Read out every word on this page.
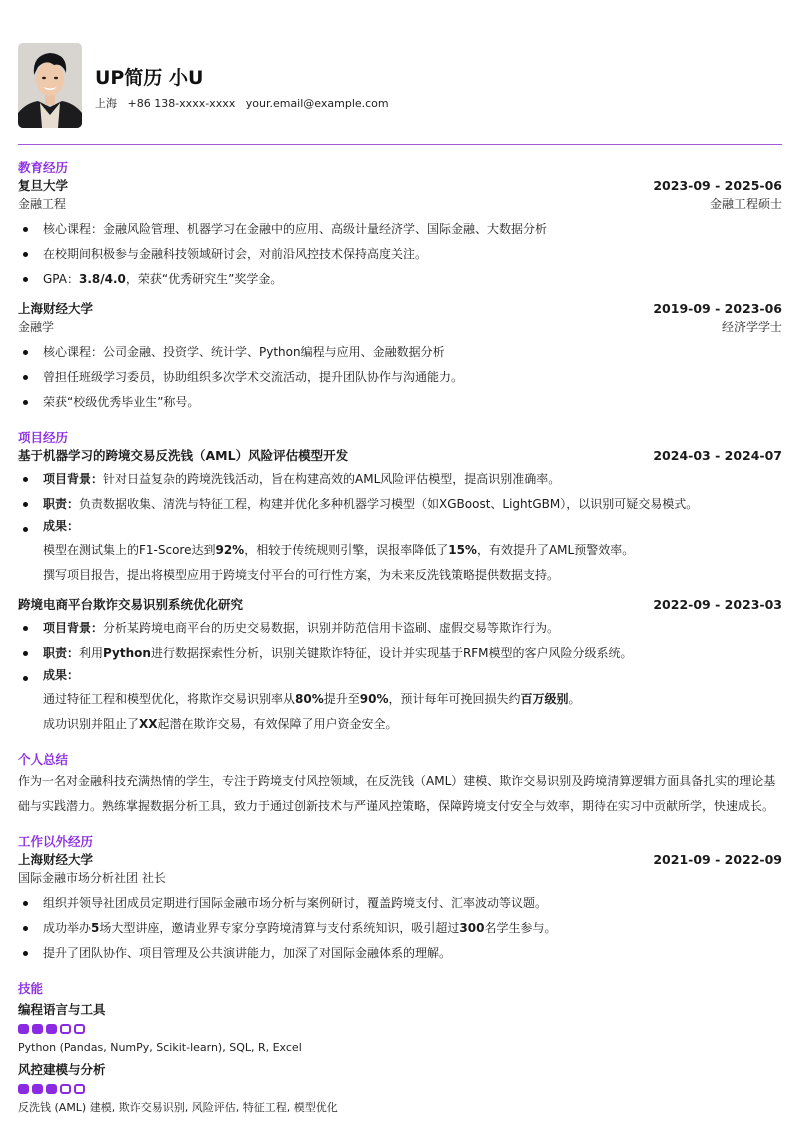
UP简历 小U
上海 +86 138-xxxx-xxxx your.email@example.com
教育经历
复旦大学	2023-09 - 2025-06
金融工程	金融工程硕士
核心课程：金融风险管理、机器学习在金融中的应用、高级计量经济学、国际金融、大数据分析
在校期间积极参与金融科技领域研讨会，对前沿风控技术保持高度关注。
GPA：3.8/4.0，荣获“优秀研究生”奖学金。
上海财经大学	2019-09 - 2023-06
金融学	经济学学士
核心课程：公司金融、投资学、统计学、Python编程与应用、金融数据分析
曾担任班级学习委员，协助组织多次学术交流活动，提升团队协作与沟通能力。
荣获“校级优秀毕业生”称号。
项目经历
基于机器学习的跨境交易反洗钱（AML）风险评估模型开发	2024-03 - 2024-07
项目背景：针对日益复杂的跨境洗钱活动，旨在构建高效的AML风险评估模型，提高识别准确率。
职责：负责数据收集、清洗与特征工程，构建并优化多种机器学习模型（如XGBoost、LightGBM），以识别可疑交易模式。
成果：
模型在测试集上的F1-Score达到92%，相较于传统规则引擎，误报率降低了15%，有效提升了AML预警效率。
撰写项目报告，提出将模型应用于跨境支付平台的可行性方案，为未来反洗钱策略提供数据支持。
跨境电商平台欺诈交易识别系统优化研究	2022-09 - 2023-03
项目背景：分析某跨境电商平台的历史交易数据，识别并防范信用卡盗刷、虚假交易等欺诈行为。
职责：利用Python进行数据探索性分析，识别关键欺诈特征，设计并实现基于RFM模型的客户风险分级系统。
成果：
通过特征工程和模型优化，将欺诈交易识别率从80%提升至90%，预计每年可挽回损失约百万级别。
成功识别并阻止了XX起潜在欺诈交易，有效保障了用户资金安全。
个人总结
作为一名对金融科技充满热情的学生，专注于跨境支付风控领域，在反洗钱（AML）建模、欺诈交易识别及跨境清算逻辑方面具备扎实的理论基础与实践潜力。熟练掌握数据分析工具，致力于通过创新技术与严谨风控策略，保障跨境支付安全与效率，期待在实习中贡献所学，快速成长。
工作以外经历
上海财经大学	2021-09 - 2022-09
国际金融市场分析社团 社长
组织并领导社团成员定期进行国际金融市场分析与案例研讨，覆盖跨境支付、汇率波动等议题。
成功举办5场大型讲座，邀请业界专家分享跨境清算与支付系统知识，吸引超过300名学生参与。
提升了团队协作、项目管理及公共演讲能力，加深了对国际金融体系的理解。
技能
编程语言与工具
Python (Pandas, NumPy, Scikit-learn), SQL, R, Excel
风控建模与分析
反洗钱 (AML) 建模, 欺诈交易识别, 风险评估, 特征工程, 模型优化
